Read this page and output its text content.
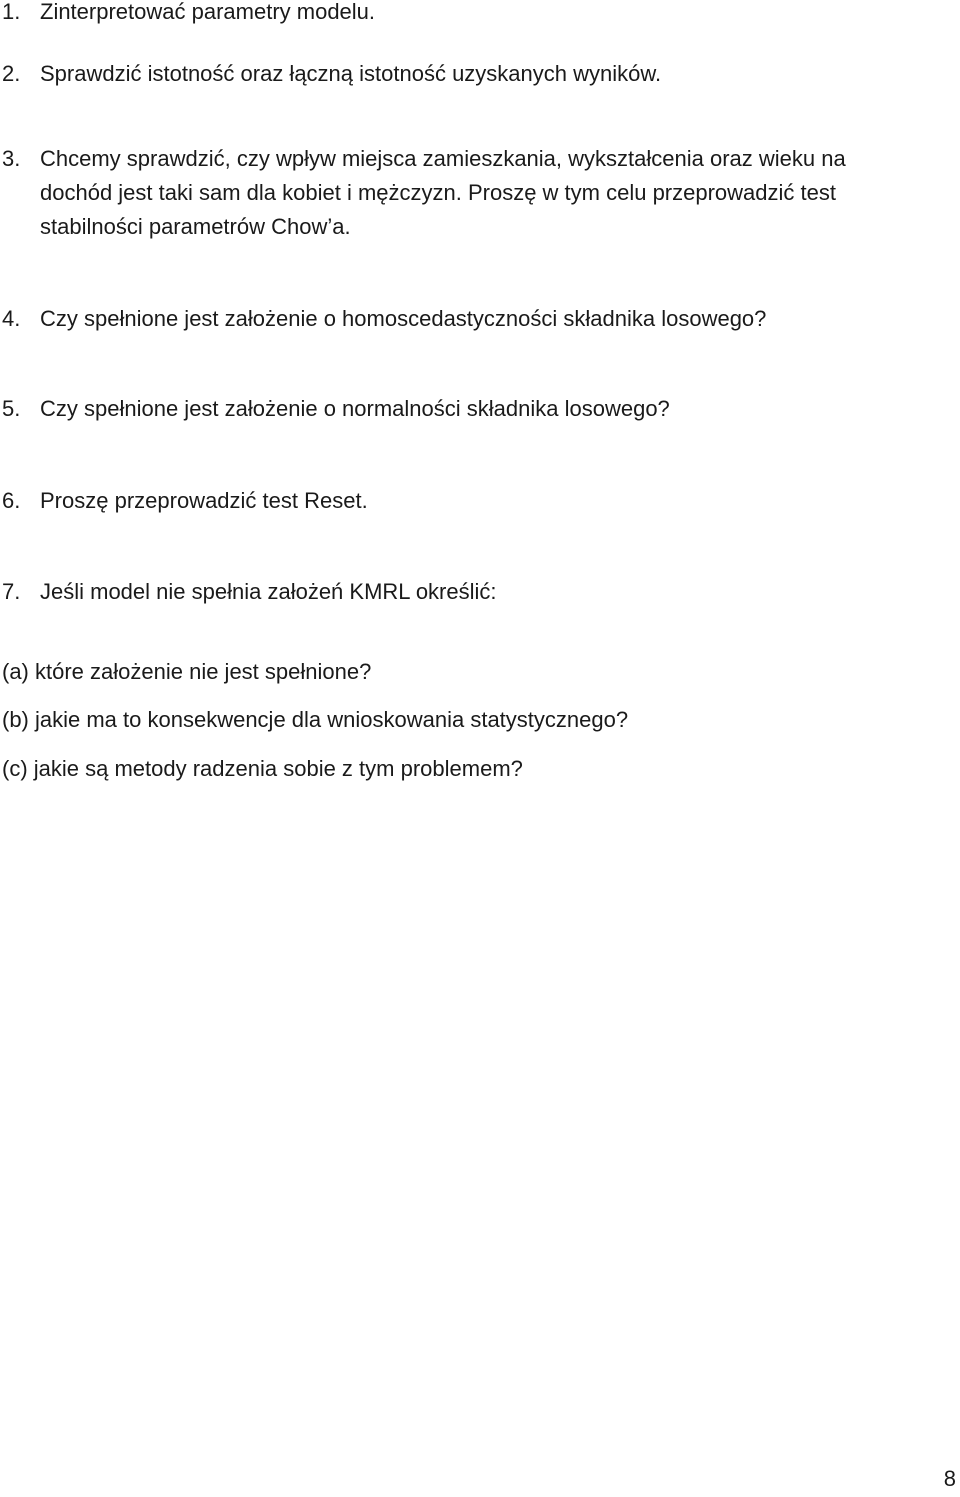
1. Zinterpretować parametry modelu.

2. Sprawdzić istotność oraz łączną istotność uzyskanych wyników.

3. Chcemy sprawdzić, czy wpływ miejsca zamieszkania, wykształcenia oraz wieku na

dochód jest taki sam dla kobiet i mężczyzn. Proszę w tym celu przeprowadzić test

stabilności parametrów Chow’a.

4. Czy spełnione jest założenie o homoscedastyczności składnika losowego?

5. Czy spełnione jest założenie o normalności składnika losowego?

6. Proszę przeprowadzić test Reset.

7. Jeśli model nie spełnia założeń KMRL określić:

(a) które założenie nie jest spełnione?

(b) jakie ma to konsekwencje dla wnioskowania statystycznego?

(c) jakie są metody radzenia sobie z tym problemem?

8
